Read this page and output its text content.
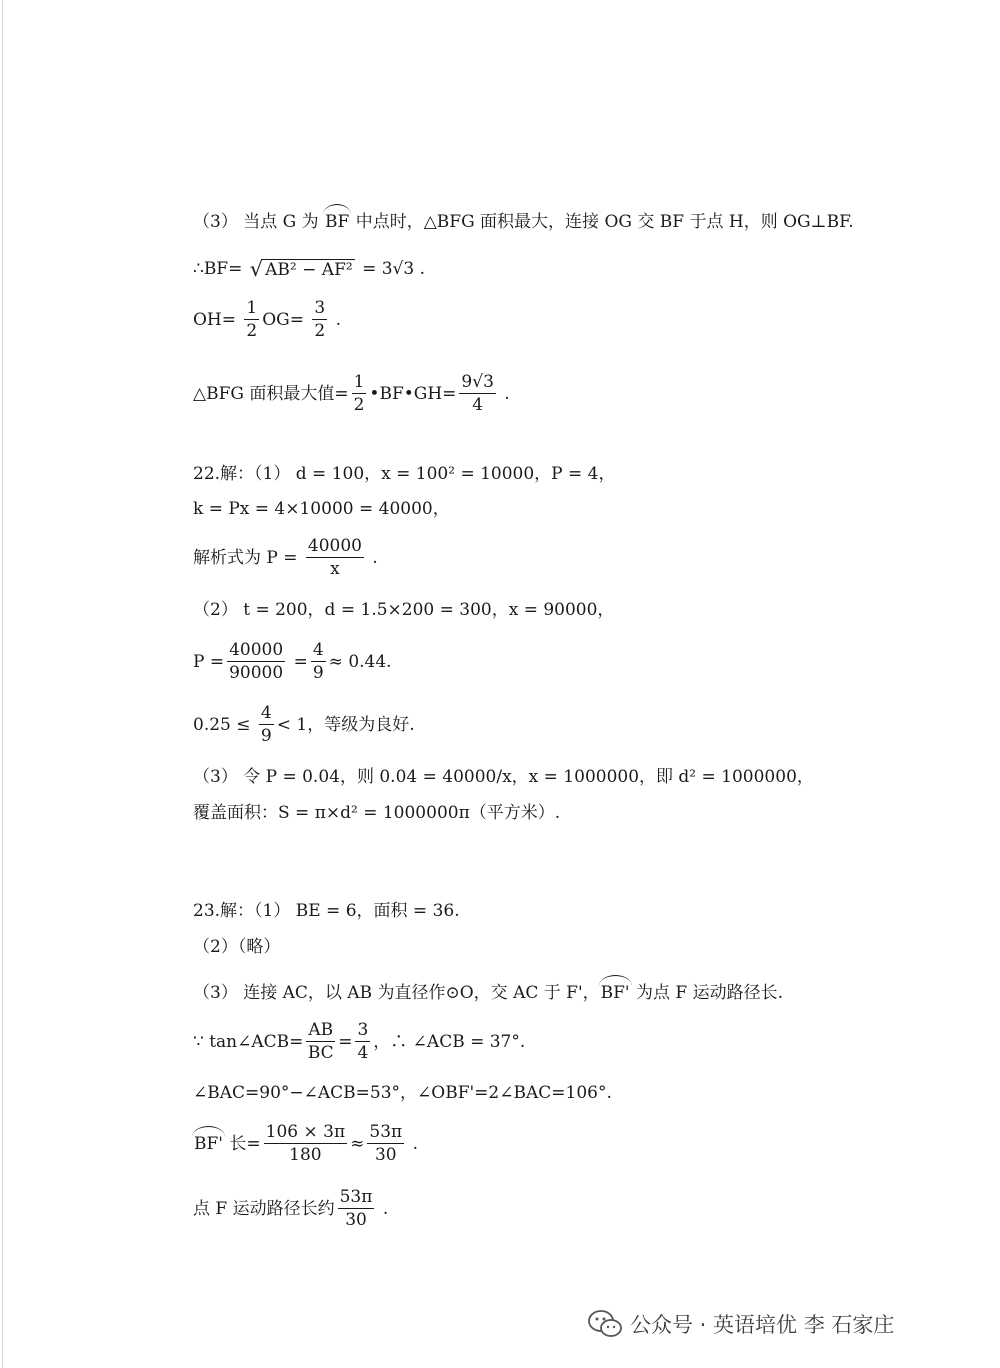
（3） 当点 G 为 BF 中点时，△BFG 面积最大，连接 OG 交 BF 于点 H，则 OG⊥BF.
∴BF= √ AB² − AF² = 3√3 .
$OH= \frac{1}{2} OG= \frac{3}{2}$ .
△BFG 面积最大值= $\frac{1}{2}$ •BF•GH= $\frac{9√3}{4}$ .
22.解：（1） d = 100，x = 100² = 10000，P = 4，
k = Px = 4×10000 = 40000，
解析式为 $P = \frac{40000}{x}$ .
（2） t = 200，d = 1.5×200 = 300，x = 90000，
$P = \frac{40000}{90000} = \frac{4}{9} \approx 0.44$.
$0.25 \le \frac{4}{9} < 1$，等级为良好.
（3） 令 P = 0.04，则 0.04 = 40000/x，x = 1000000，即 d² = 1000000，
覆盖面积：S = π×d² = 1000000π（平方米）.
23.解：（1） BE = 6，面积 = 36.
（2）（略）
（3） 连接 AC，以 AB 为直径作⊙O，交 AC 于 F'， BF' 为点 F 运动路径长.
∵ tan∠ACB= $\frac{AB}{BC} = \frac{3}{4}$ ，∴ ∠ACB = 37°.
∠BAC=90°−∠ACB=53°，∠OBF'=2∠BAC=106°.
BF' 长= $\frac{106 \times 3\pi}{180} \approx \frac{53\pi}{30}$ .
点 F 运动路径长约 $\frac{53\pi}{30}$ .
公众号 · 英语培优 李 石家庄
